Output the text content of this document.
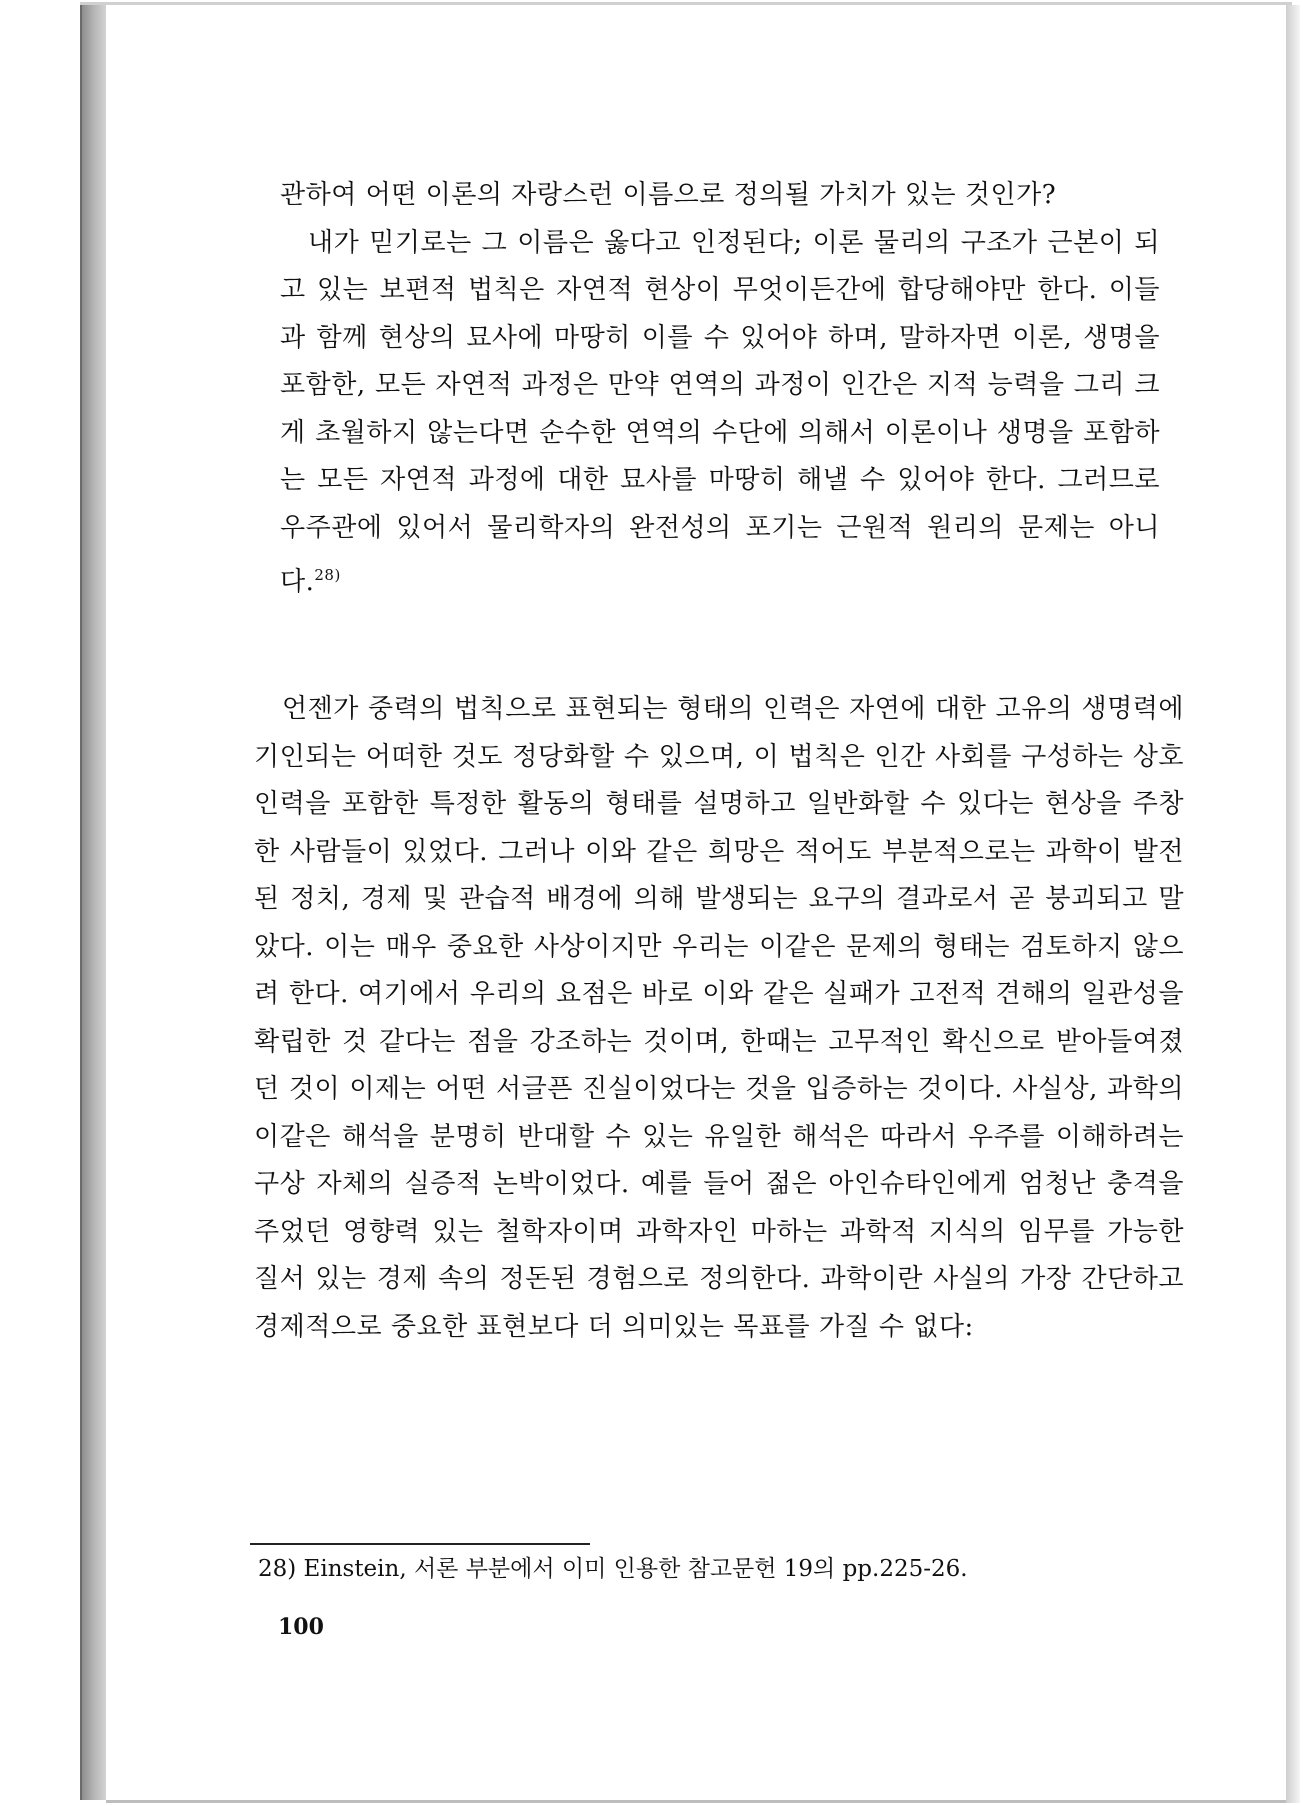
관하여 어떤 이론의 자랑스런 이름으로 정의될 가치가 있는 것인가?
내가 믿기로는 그 이름은 옳다고 인정된다; 이론 물리의 구조가 근본이 되고 있는 보편적 법칙은 자연적 현상이 무엇이든간에 합당해야만 한다. 이들과 함께 현상의 묘사에 마땅히 이를 수 있어야 하며, 말하자면 이론, 생명을 포함한, 모든 자연적 과정은 만약 연역의 과정이 인간은 지적 능력을 그리 크게 초월하지 않는다면 순수한 연역의 수단에 의해서 이론이나 생명을 포함하는 모든 자연적 과정에 대한 묘사를 마땅히 해낼 수 있어야 한다. 그러므로 우주관에 있어서 물리학자의 완전성의 포기는 근원적 원리의 문제는 아니다.$^{28)}$

언젠가 중력의 법칙으로 표현되는 형태의 인력은 자연에 대한 고유의 생명력에 기인되는 어떠한 것도 정당화할 수 있으며, 이 법칙은 인간 사회를 구성하는 상호인력을 포함한 특정한 활동의 형태를 설명하고 일반화할 수 있다는 현상을 주창한 사람들이 있었다. 그러나 이와 같은 희망은 적어도 부분적으로는 과학이 발전된 정치, 경제 및 관습적 배경에 의해 발생되는 요구의 결과로서 곧 붕괴되고 말았다. 이는 매우 중요한 사상이지만 우리는 이같은 문제의 형태는 검토하지 않으려 한다. 여기에서 우리의 요점은 바로 이와 같은 실패가 고전적 견해의 일관성을 확립한 것 같다는 점을 강조하는 것이며, 한때는 고무적인 확신으로 받아들여졌던 것이 이제는 어떤 서글픈 진실이었다는 것을 입증하는 것이다. 사실상, 과학의 이같은 해석을 분명히 반대할 수 있는 유일한 해석은 따라서 우주를 이해하려는 구상 자체의 실증적 논박이었다. 예를 들어 젊은 아인슈타인에게 엄청난 충격을 주었던 영향력 있는 철학자이며 과학자인 마하는 과학적 지식의 임무를 가능한 질서 있는 경제 속의 정돈된 경험으로 정의한다. 과학이란 사실의 가장 간단하고 경제적으로 중요한 표현보다 더 의미있는 목표를 가질 수 없다:

28) Einstein, 서론 부분에서 이미 인용한 참고문헌 19의 pp.225-26.

100
